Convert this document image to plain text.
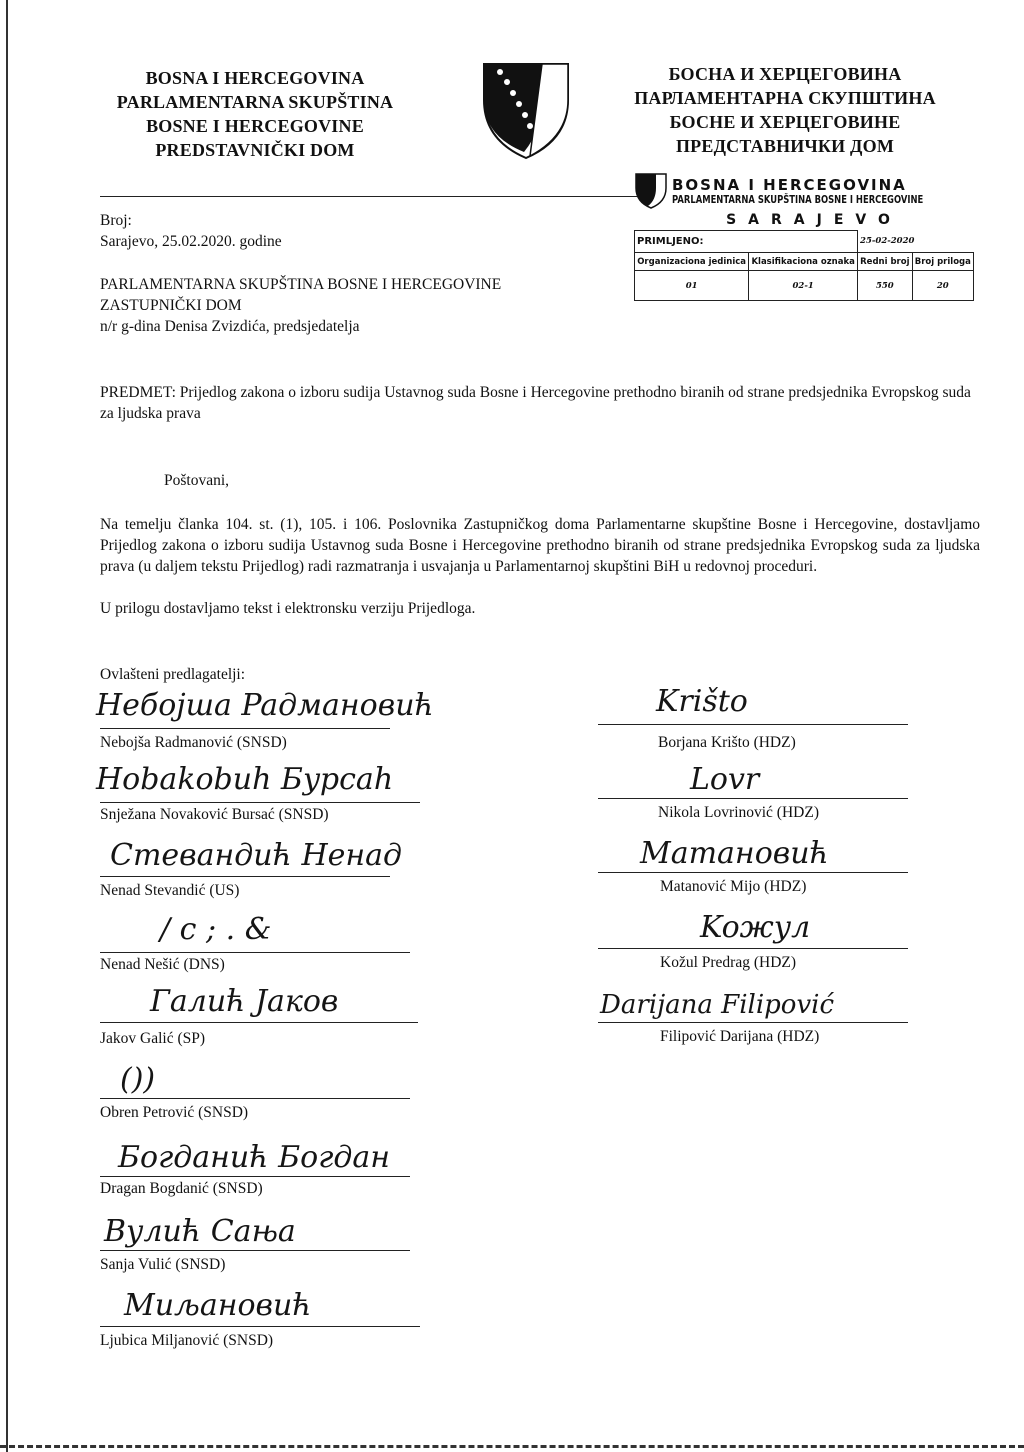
BOSNA I HERCEGOVINA
PARLAMENTARNA SKUPŠTINA
BOSNE I HERCEGOVINE
PREDSTAVNIČKI DOM
БОСНА И ХЕРЦЕГОВИНА
ПАРЛАМЕНТАРНА СКУПШТИНА
БОСНЕ И ХЕРЦЕГОВИНЕ
ПРЕДСТАВНИЧКИ ДОМ
BOSNA I HERCEGOVINA
PARLAMENTARNA SKUPŠTINA BOSNE I HERCEGOVINE
SARAJEVO
PRIMLJENO:		25-02-2020	
Organizaciona jedinica	Klasifikaciona oznaka	Redni broj	Broj priloga
01	02-1	550	20
Broj:
Sarajevo, 25.02.2020. godine
PARLAMENTARNA SKUPŠTINA BOSNE I HERCEGOVINE
ZASTUPNIČKI DOM
n/r g-dina Denisa Zvizdića, predsjedatelja
PREDMET: Prijedlog zakona o izboru sudija Ustavnog suda Bosne i Hercegovine prethodno biranih od strane predsjednika Evropskog suda za ljudska prava
Poštovani,
Na temelju članka 104. st. (1), 105. i 106. Poslovnika Zastupničkog doma Parlamentarne skupštine Bosne i Hercegovine, dostavljamo Prijedlog zakona o izboru sudija Ustavnog suda Bosne i Hercegovine prethodno biranih od strane predsjednika Evropskog suda za ljudska prava (u daljem tekstu Prijedlog) radi razmatranja i usvajanja u Parlamentarnoj skupštini BiH u redovnoj proceduri.
U prilogu dostavljamo tekst i elektronsku verziju Prijedloga.
Ovlašteni predlagatelji:
Heбojшa Paдмaновић
Nebojša Radmanović (SNSD)
Hobakobuh Бypcah
Snježana Novaković Bursać (SNSD)
Cтeвaндић Heнaд
Nenad Stevandić (US)
/ c ; . &
Nenad Nešić (DNS)
Гaлић Jaкoв
Jakov Galić (SP)
())
Obren Petrović (SNSD)
Богдaнић Бoгдaн
Dragan Bogdanić (SNSD)
Вулић Caњa
Sanja Vulić (SNSD)
Миљaнoвић
Ljubica Miljanović (SNSD)
Krišto
Borjana Krišto (HDZ)
Lovr
Nikola Lovrinović (HDZ)
Матановић
Matanović Mijo (HDZ)
Koжул
Kožul Predrag (HDZ)
Darijana Filipović
Filipović Darijana (HDZ)
